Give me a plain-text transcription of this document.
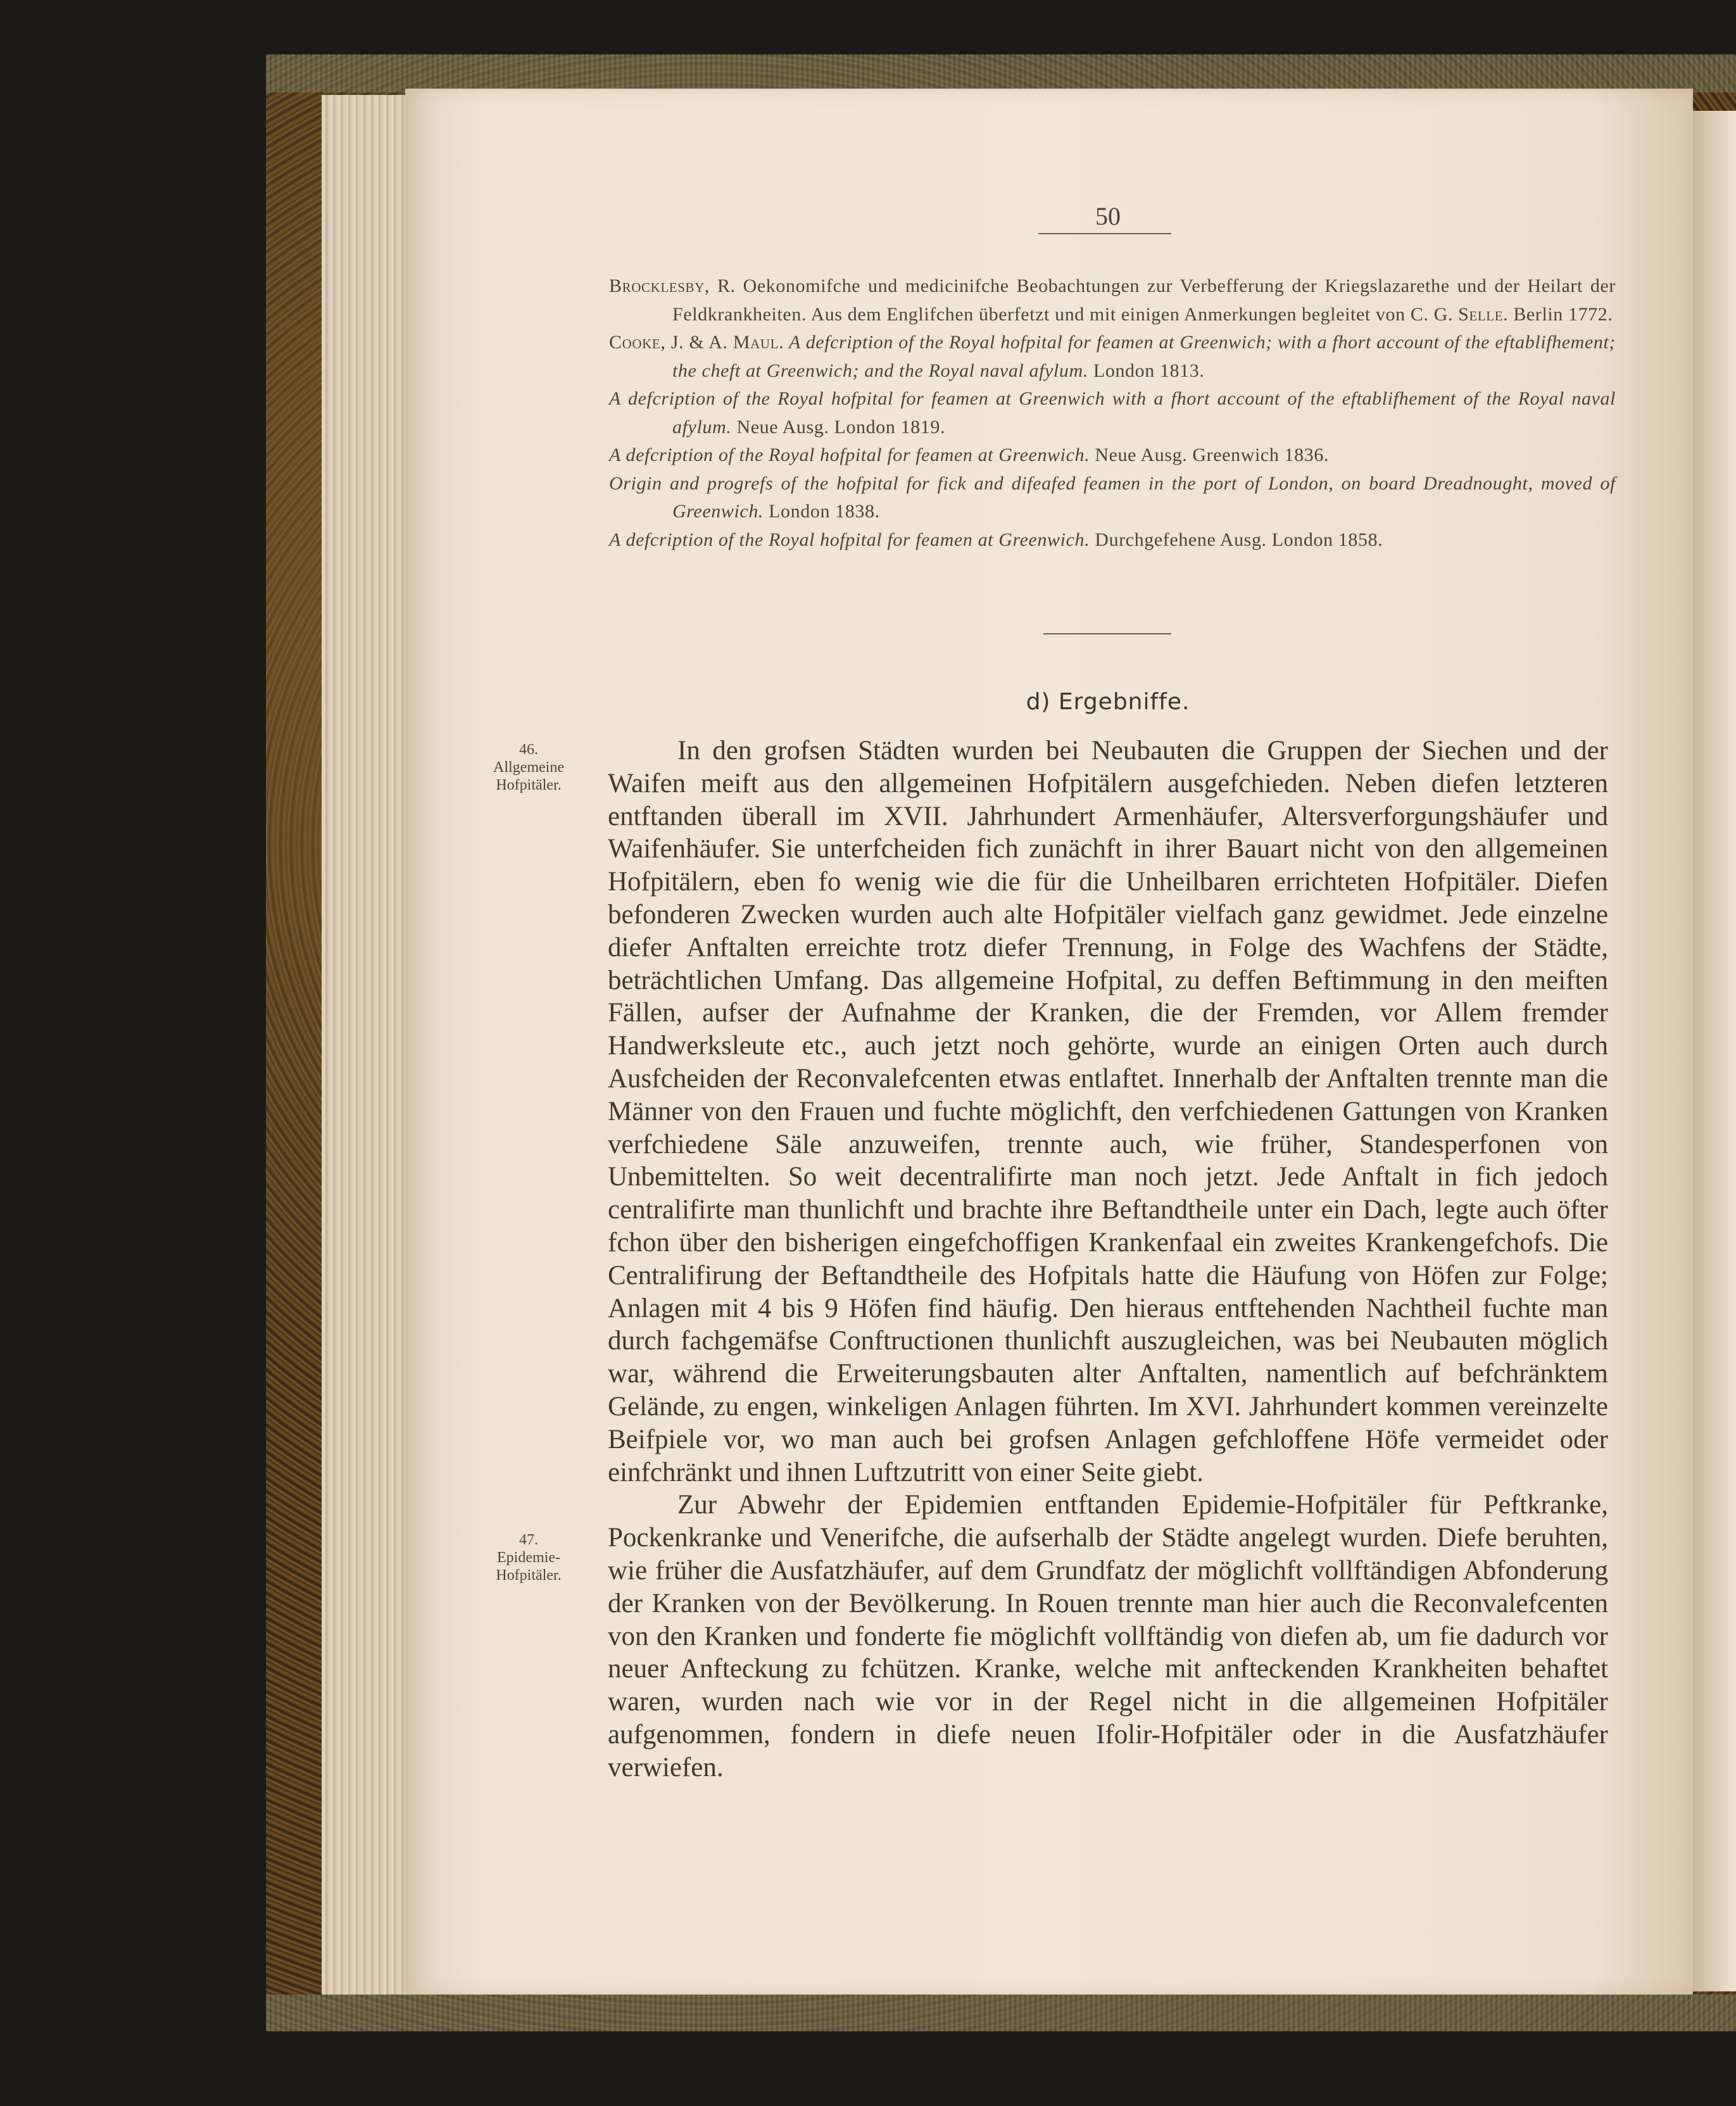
50

Brocklesby, R. Oekonomifche und medicinifche Beobachtungen zur Verbefferung der Kriegslazarethe und der Heilart der Feldkrankheiten. Aus dem Englifchen überfetzt und mit einigen Anmerkungen begleitet von C. G. Selle. Berlin 1772.

Cooke, J. & A. Maul. A defcription of the Royal hofpital for feamen at Greenwich; with a fhort account of the eftablifhement; the cheft at Greenwich; and the Royal naval afylum. London 1813.

A defcription of the Royal hofpital for feamen at Greenwich with a fhort account of the eftablifhement of the Royal naval afylum. Neue Ausg. London 1819.

A defcription of the Royal hofpital for feamen at Greenwich. Neue Ausg. Greenwich 1836.

Origin and progrefs of the hofpital for fick and difeafed feamen in the port of London, on board Dreadnought, moved of Greenwich. London 1838.

A defcription of the Royal hofpital for feamen at Greenwich. Durchgefehene Ausg. London 1858.

d) Ergebniffe.
46.
Allgemeine
Hofpitäler.
47.
Epidemie-
Hofpitäler.

In den grofsen Städten wurden bei Neubauten die Gruppen der Siechen und der Waifen meift aus den allgemeinen Hofpitälern ausgefchieden. Neben diefen letzteren entftanden überall im XVII. Jahrhundert Armenhäufer, Altersverforgungshäufer und Waifenhäufer. Sie unterfcheiden fich zunächft in ihrer Bauart nicht von den allgemeinen Hofpitälern, eben fo wenig wie die für die Unheilbaren errichteten Hofpitäler. Diefen befonderen Zwecken wurden auch alte Hofpitäler vielfach ganz gewidmet. Jede einzelne diefer Anftalten erreichte trotz diefer Trennung, in Folge des Wachfens der Städte, beträchtlichen Umfang. Das allgemeine Hofpital, zu deffen Beftimmung in den meiften Fällen, aufser der Aufnahme der Kranken, die der Fremden, vor Allem fremder Handwerksleute etc., auch jetzt noch gehörte, wurde an einigen Orten auch durch Ausfcheiden der Reconvalefcenten etwas entlaftet. Innerhalb der Anftalten trennte man die Männer von den Frauen und fuchte möglichft, den verfchiedenen Gattungen von Kranken verfchiedene Säle anzuweifen, trennte auch, wie früher, Standesperfonen von Unbemittelten. So weit decentralifirte man noch jetzt. Jede Anftalt in fich jedoch centralifirte man thunlichft und brachte ihre Beftandtheile unter ein Dach, legte auch öfter fchon über den bisherigen eingefchoffigen Krankenfaal ein zweites Krankengefchofs. Die Centralifirung der Beftandtheile des Hofpitals hatte die Häufung von Höfen zur Folge; Anlagen mit 4 bis 9 Höfen find häufig. Den hieraus entftehenden Nachtheil fuchte man durch fachgemäfse Conftructionen thunlichft auszugleichen, was bei Neubauten möglich war, während die Erweiterungsbauten alter Anftalten, namentlich auf befchränktem Gelände, zu engen, winkeligen Anlagen führten. Im XVI. Jahrhundert kommen vereinzelte Beifpiele vor, wo man auch bei grofsen Anlagen gefchloffene Höfe vermeidet oder einfchränkt und ihnen Luftzutritt von einer Seite giebt.

Zur Abwehr der Epidemien entftanden Epidemie-Hofpitäler für Peftkranke, Pockenkranke und Venerifche, die aufserhalb der Städte angelegt wurden. Diefe beruhten, wie früher die Ausfatzhäufer, auf dem Grundfatz der möglichft vollftändigen Abfonderung der Kranken von der Bevölkerung. In Rouen trennte man hier auch die Reconvalefcenten von den Kranken und fonderte fie möglichft vollftändig von diefen ab, um fie dadurch vor neuer Anfteckung zu fchützen. Kranke, welche mit anfteckenden Krankheiten behaftet waren, wurden nach wie vor in der Regel nicht in die allgemeinen Hofpitäler aufgenommen, fondern in diefe neuen Ifolir-Hofpitäler oder in die Ausfatzhäufer verwiefen.
